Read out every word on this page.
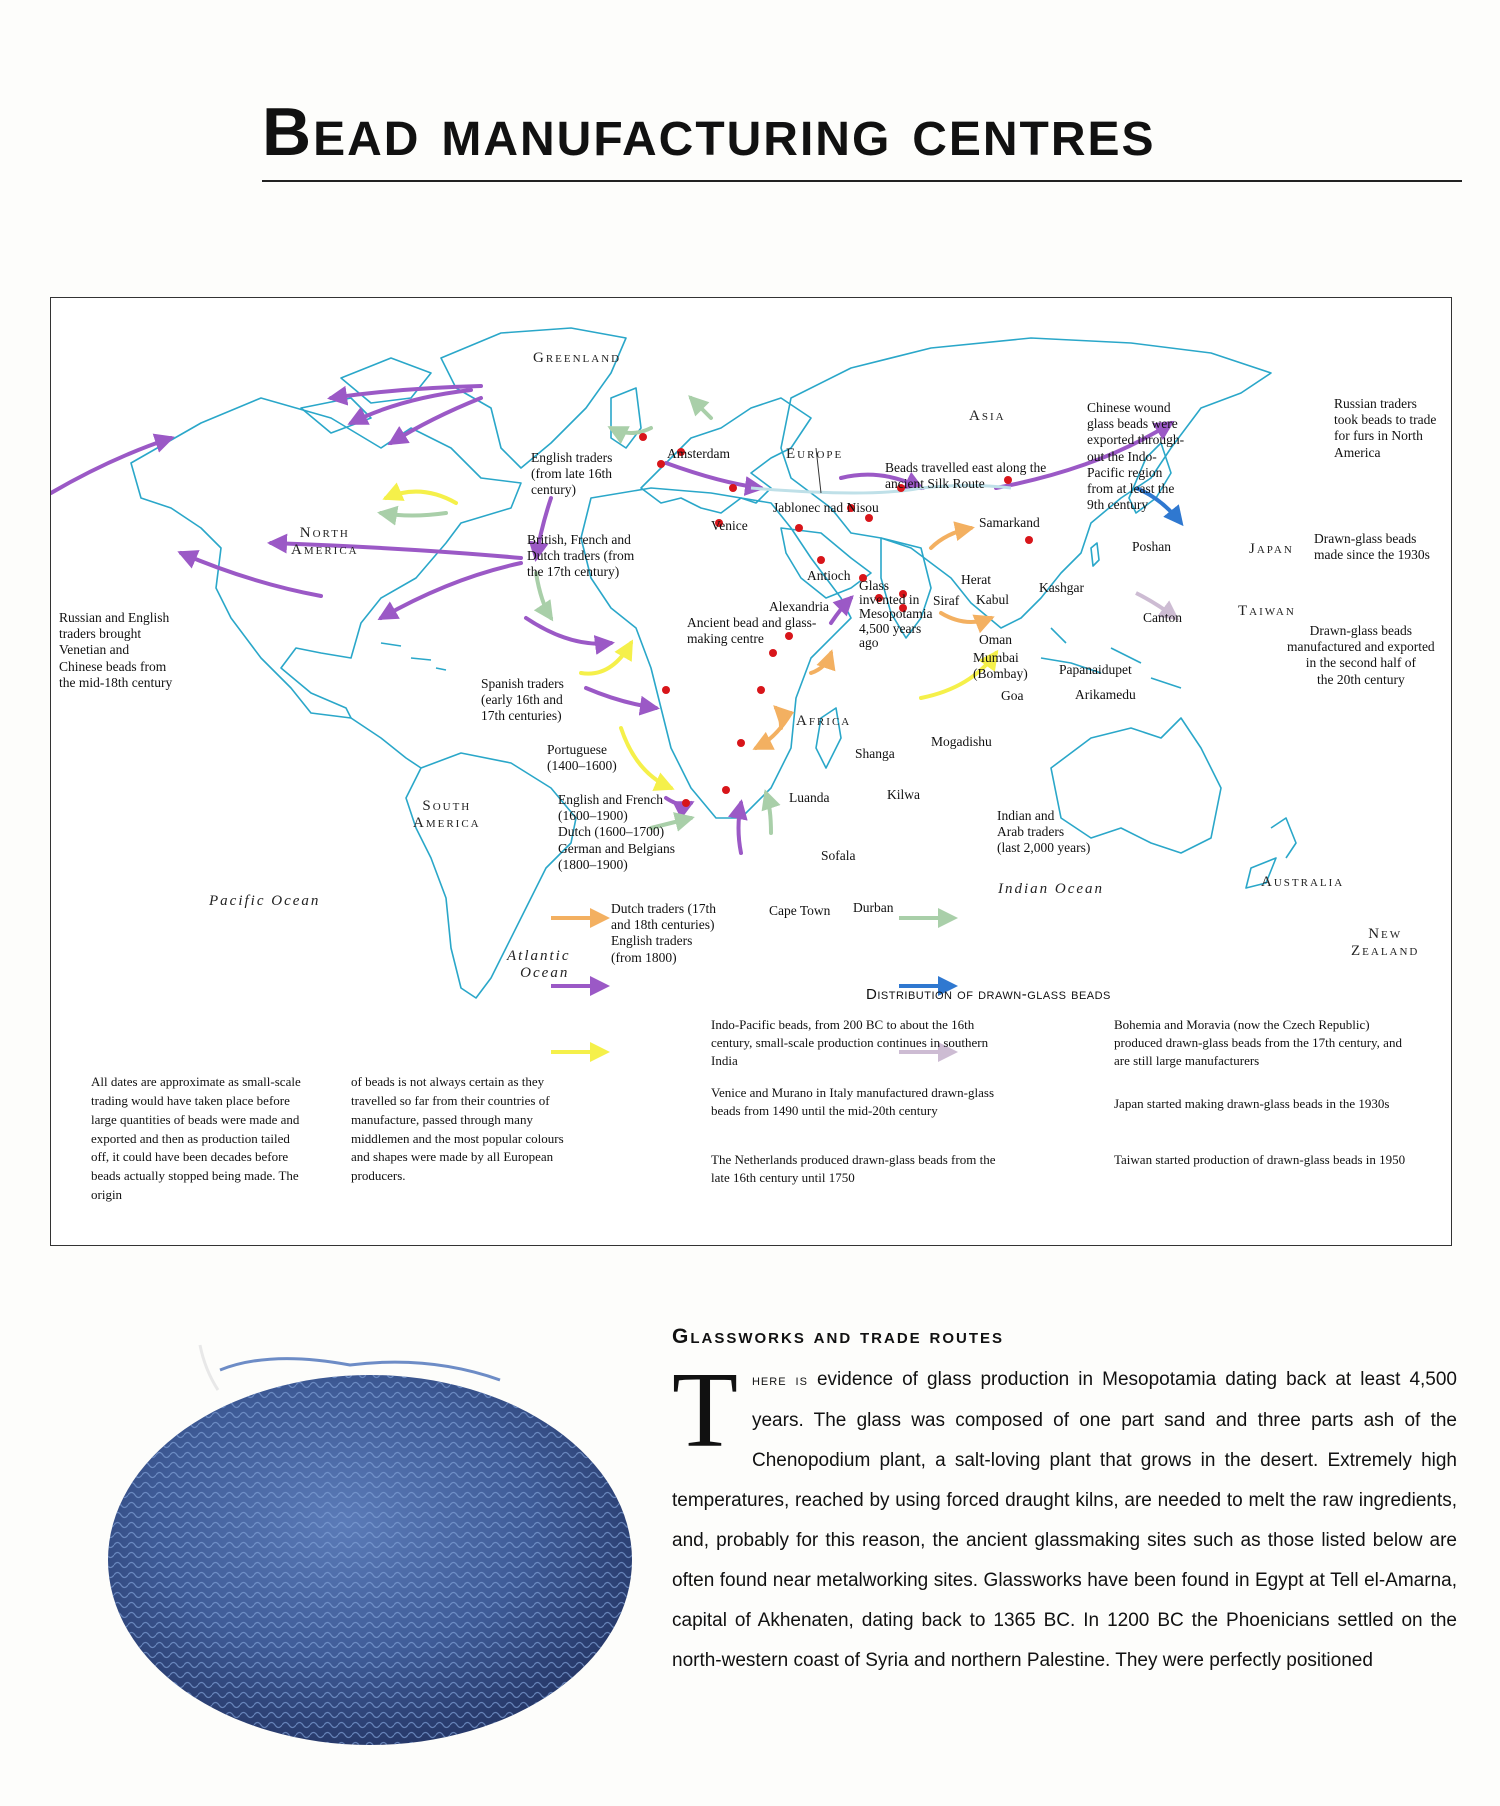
Bead manufacturing centres
Greenland
North
America
South
America
Europe
Asia
Africa
Australia
New
Zealand
Japan
Taiwan
Pacific Ocean
Atlantic
Ocean
Indian Ocean
Amsterdam
Jablonec nad Nisou
Venice
Antioch
Alexandria
Ancient bead and glass-
making centre
Glass
invented in
Mesopotamia
4,500 years
ago
Siraf
Samarkand
Herat
Kabul
Kashgar
Oman
Mumbai
(Bombay)
Goa
Papanaidupet
Arikamedu
Poshan
Canton
Mogadishu
Shanga
Kilwa
Luanda
Sofala
Cape Town Durban
English traders
(from late 16th
century)
British, French and
Dutch traders (from
the 17th century)
Russian and English
traders brought
Venetian and
Chinese beads from
the mid-18th century	Spanish traders
(early 16th and
17th centuries)
Portuguese
(1400–1600)
English and French
(1600–1900)
Dutch (1600–1700)
German and Belgians
(1800–1900)
Dutch traders (17th
and 18th centuries)
English traders
(from 1800)
Beads travelled east along the
ancient Silk Route
Chinese wound
glass beads were
exported through-
out the Indo-
Pacific region
from at least the
9th century
Russian traders
took beads to trade
for furs in North
America
Drawn-glass beads
made since the 1930s
Drawn-glass beads
manufactured and exported
in the second half of
the 20th century
Indian and
Arab traders
(last 2,000 years)
Distribution of drawn-glass beads
Indo-Pacific beads, from 200 BC to about the 16th century, small-scale production continues in southern India
Venice and Murano in Italy manufactured drawn-glass beads from 1490 until the mid-20th century
The Netherlands produced drawn-glass beads from the late 16th century until 1750
Bohemia and Moravia (now the Czech Republic) produced drawn-glass beads from the 17th century, and are still large manufacturers
Japan started making drawn-glass beads in the 1930s
Taiwan started production of drawn-glass beads in 1950
All dates are approximate as small-scale trading would have taken place before large quantities of beads were made and exported and then as production tailed off, it could have been decades before beads actually stopped being made. The origin
of beads is not always certain as they travelled so far from their countries of manufacture, passed through many middlemen and the most popular colours and shapes were made by all European producers.
Glassworks and trade routes
There is evidence of glass production in Mesopotamia dating back at least 4,500 years. The glass was composed of one part sand and three parts ash of the Chenopodium plant, a salt-loving plant that grows in the desert. Extremely high temperatures, reached by using forced draught kilns, are needed to melt the raw ingredients, and, probably for this reason, the ancient glassmaking sites such as those listed below are often found near metalworking sites. Glassworks have been found in Egypt at Tell el-Amarna, capital of Akhenaten, dating back to 1365 BC. In 1200 BC the Phoenicians settled on the north-western coast of Syria and northern Palestine. They were perfectly positioned
